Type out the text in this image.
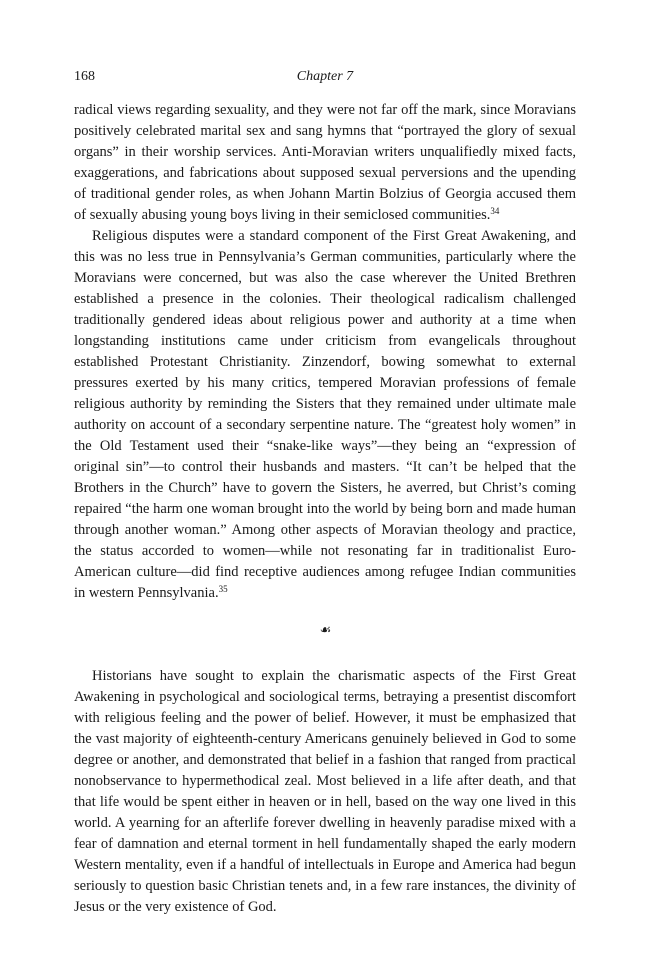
168	Chapter 7

radical views regarding sexuality, and they were not far off the mark, since Moravians positively celebrated marital sex and sang hymns that “portrayed the glory of sexual organs” in their worship services. Anti-Moravian writers unqualifiedly mixed facts, exaggerations, and fabrications about supposed sexual perversions and the upending of traditional gender roles, as when Johann Martin Bolzius of Georgia accused them of sexually abusing young boys living in their semiclosed communities.$^{34}$

Religious disputes were a standard component of the First Great Awakening, and this was no less true in Pennsylvania’s German communities, particularly where the Moravians were concerned, but was also the case wherever the United Brethren established a presence in the colonies. Their theological radicalism challenged traditionally gendered ideas about religious power and authority at a time when longstanding institutions came under criticism from evangelicals throughout established Protestant Christianity. Zinzendorf, bowing somewhat to external pressures exerted by his many critics, tempered Moravian professions of female religious authority by reminding the Sisters that they remained under ultimate male authority on account of a secondary serpentine nature. The “greatest holy women” in the Old Testament used their “snake-like ways”—they being an “expression of original sin”—to control their husbands and masters. “It can’t be helped that the Brothers in the Church” have to govern the Sisters, he averred, but Christ’s coming repaired “the harm one woman brought into the world by being born and made human through another woman.” Among other aspects of Moravian theology and practice, the status accorded to women—while not resonating far in traditionalist Euro-American culture—did find receptive audiences among refugee Indian communities in western Pennsylvania.$^{35}$

☙

Historians have sought to explain the charismatic aspects of the First Great Awakening in psychological and sociological terms, betraying a presentist discomfort with religious feeling and the power of belief. However, it must be emphasized that the vast majority of eighteenth-century Americans genuinely believed in God to some degree or another, and demonstrated that belief in a fashion that ranged from practical nonobservance to hypermethodical zeal. Most believed in a life after death, and that that life would be spent either in heaven or in hell, based on the way one lived in this world. A yearning for an afterlife forever dwelling in heavenly paradise mixed with a fear of damnation and eternal torment in hell fundamentally shaped the early modern Western mentality, even if a handful of intellectuals in Europe and America had begun seriously to question basic Christian tenets and, in a few rare instances, the divinity of Jesus or the very existence of God.
